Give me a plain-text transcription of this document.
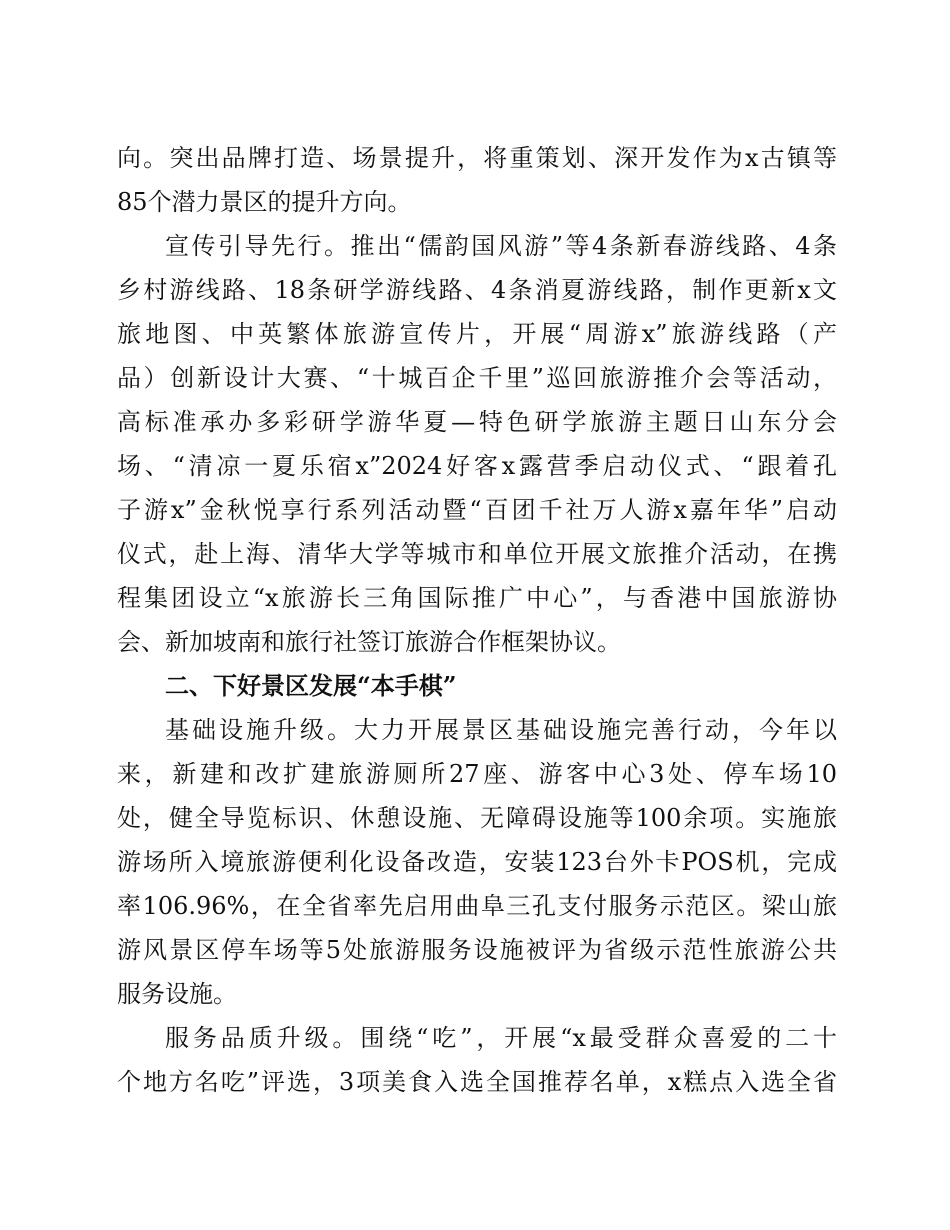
向。突出品牌打造、场景提升，将重策划、深开发作为x古镇等
85个潜力景区的提升方向。
宣传引导先行。推出“儒韵国风游”等4条新春游线路、4条
乡村游线路、18条研学游线路、4条消夏游线路，制作更新x文
旅地图、中英繁体旅游宣传片，开展“周游x”旅游线路（产
品）创新设计大赛、“十城百企千里”巡回旅游推介会等活动，
高标准承办多彩研学游华夏—特色研学旅游主题日山东分会
场、“清凉一夏乐宿x”2024好客x露营季启动仪式、“跟着孔
子游x”金秋悦享行系列活动暨“百团千社万人游x嘉年华”启动
仪式，赴上海、清华大学等城市和单位开展文旅推介活动，在携
程集团设立“x旅游长三角国际推广中心”，与香港中国旅游协
会、新加坡南和旅行社签订旅游合作框架协议。
二、下好景区发展“本手棋”
基础设施升级。大力开展景区基础设施完善行动，今年以
来，新建和改扩建旅游厕所27座、游客中心3处、停车场10
处，健全导览标识、休憩设施、无障碍设施等100余项。实施旅
游场所入境旅游便利化设备改造，安装123台外卡POS机，完成
率106.96%，在全省率先启用曲阜三孔支付服务示范区。梁山旅
游风景区停车场等5处旅游服务设施被评为省级示范性旅游公共
服务设施。
服务品质升级。围绕“吃”，开展“x最受群众喜爱的二十
个地方名吃”评选，3项美食入选全国推荐名单，x糕点入选全省
